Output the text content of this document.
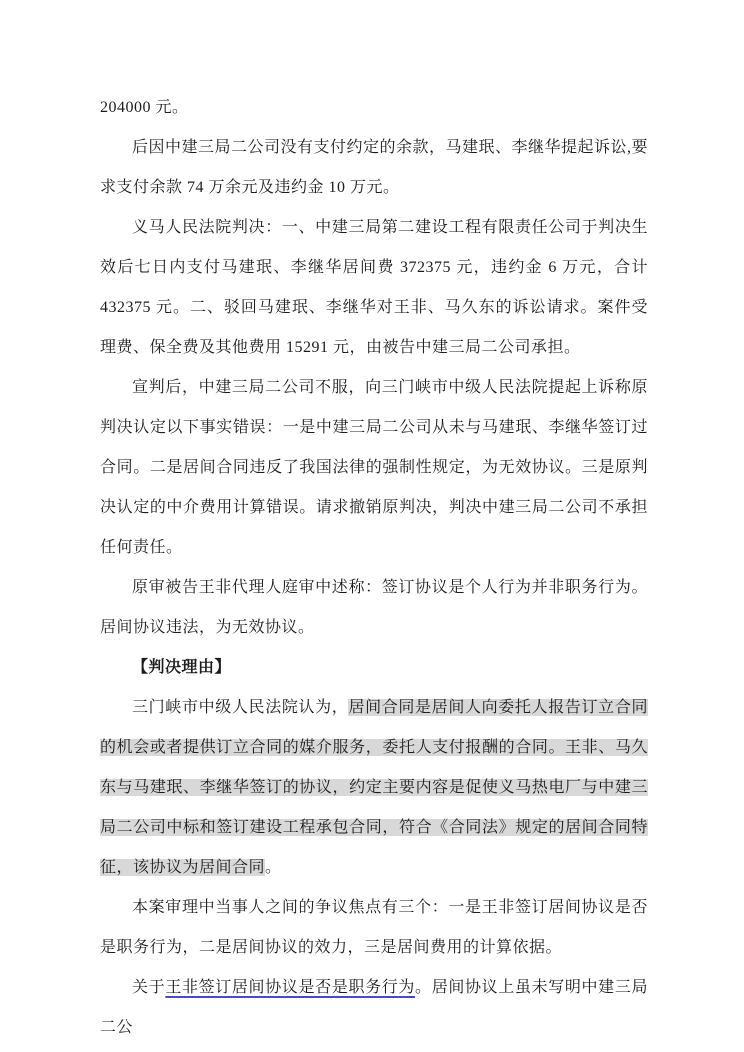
204000 元。

后因中建三局二公司没有支付约定的余款，马建珉、李继华提起诉讼,要求支付余款 74 万余元及违约金 10 万元。

义马人民法院判决：一、中建三局第二建设工程有限责任公司于判决生效后七日内支付马建珉、李继华居间费 372375 元，违约金 6 万元，合计 432375 元。二、驳回马建珉、李继华对王非、马久东的诉讼请求。案件受理费、保全费及其他费用 15291 元，由被告中建三局二公司承担。

宣判后，中建三局二公司不服，向三门峡市中级人民法院提起上诉称原判决认定以下事实错误：一是中建三局二公司从未与马建珉、李继华签订过合同。二是居间合同违反了我国法律的强制性规定，为无效协议。三是原判决认定的中介费用计算错误。请求撤销原判决，判决中建三局二公司不承担任何责任。

原审被告王非代理人庭审中述称：签订协议是个人行为并非职务行为。居间协议违法，为无效协议。

【判决理由】

三门峡市中级人民法院认为，居间合同是居间人向委托人报告订立合同的机会或者提供订立合同的媒介服务，委托人支付报酬的合同。王非、马久东与马建珉、李继华签订的协议，约定主要内容是促使义马热电厂与中建三局二公司中标和签订建设工程承包合同，符合《合同法》规定的居间合同特征，该协议为居间合同。

本案审理中当事人之间的争议焦点有三个：一是王非签订居间协议是否是职务行为，二是居间协议的效力，三是居间费用的计算依据。

关于王非签订居间协议是否是职务行为。居间协议上虽未写明中建三局二公
